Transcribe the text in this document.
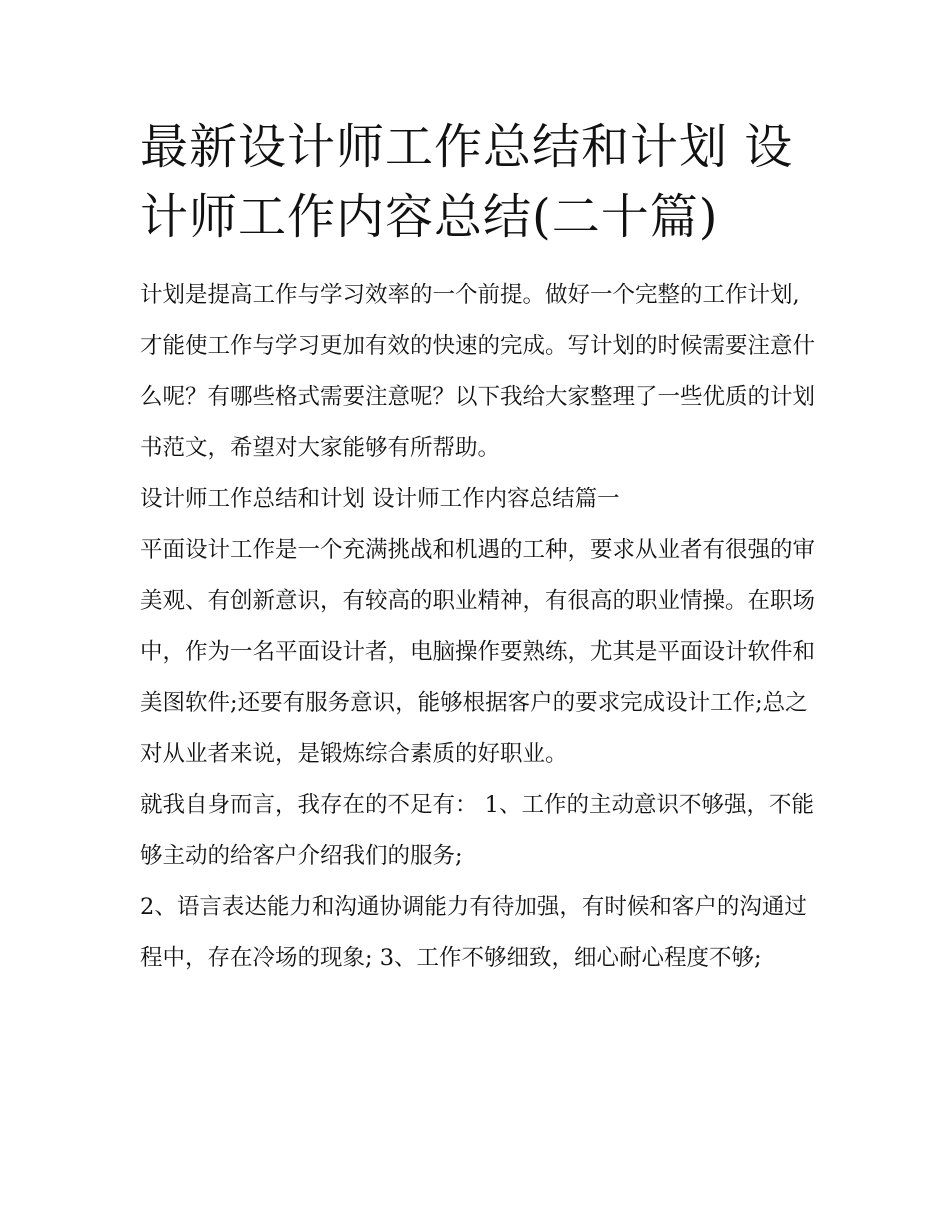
最新设计师工作总结和计划 设计师工作内容总结(二十篇)

计划是提高工作与学习效率的一个前提。做好一个完整的工作计划,才能使工作与学习更加有效的快速的完成。写计划的时候需要注意什么呢？有哪些格式需要注意呢？以下我给大家整理了一些优质的计划书范文，希望对大家能够有所帮助。

设计师工作总结和计划 设计师工作内容总结篇一

平面设计工作是一个充满挑战和机遇的工种，要求从业者有很强的审美观、有创新意识，有较高的职业精神，有很高的职业情操。在职场中，作为一名平面设计者，电脑操作要熟练，尤其是平面设计软件和美图软件;还要有服务意识，能够根据客户的要求完成设计工作;总之对从业者来说，是锻炼综合素质的好职业。

就我自身而言，我存在的不足有： 1、工作的主动意识不够强，不能够主动的给客户介绍我们的服务;

2、语言表达能力和沟通协调能力有待加强，有时候和客户的沟通过程中，存在冷场的现象; 3、工作不够细致，细心耐心程度不够;
